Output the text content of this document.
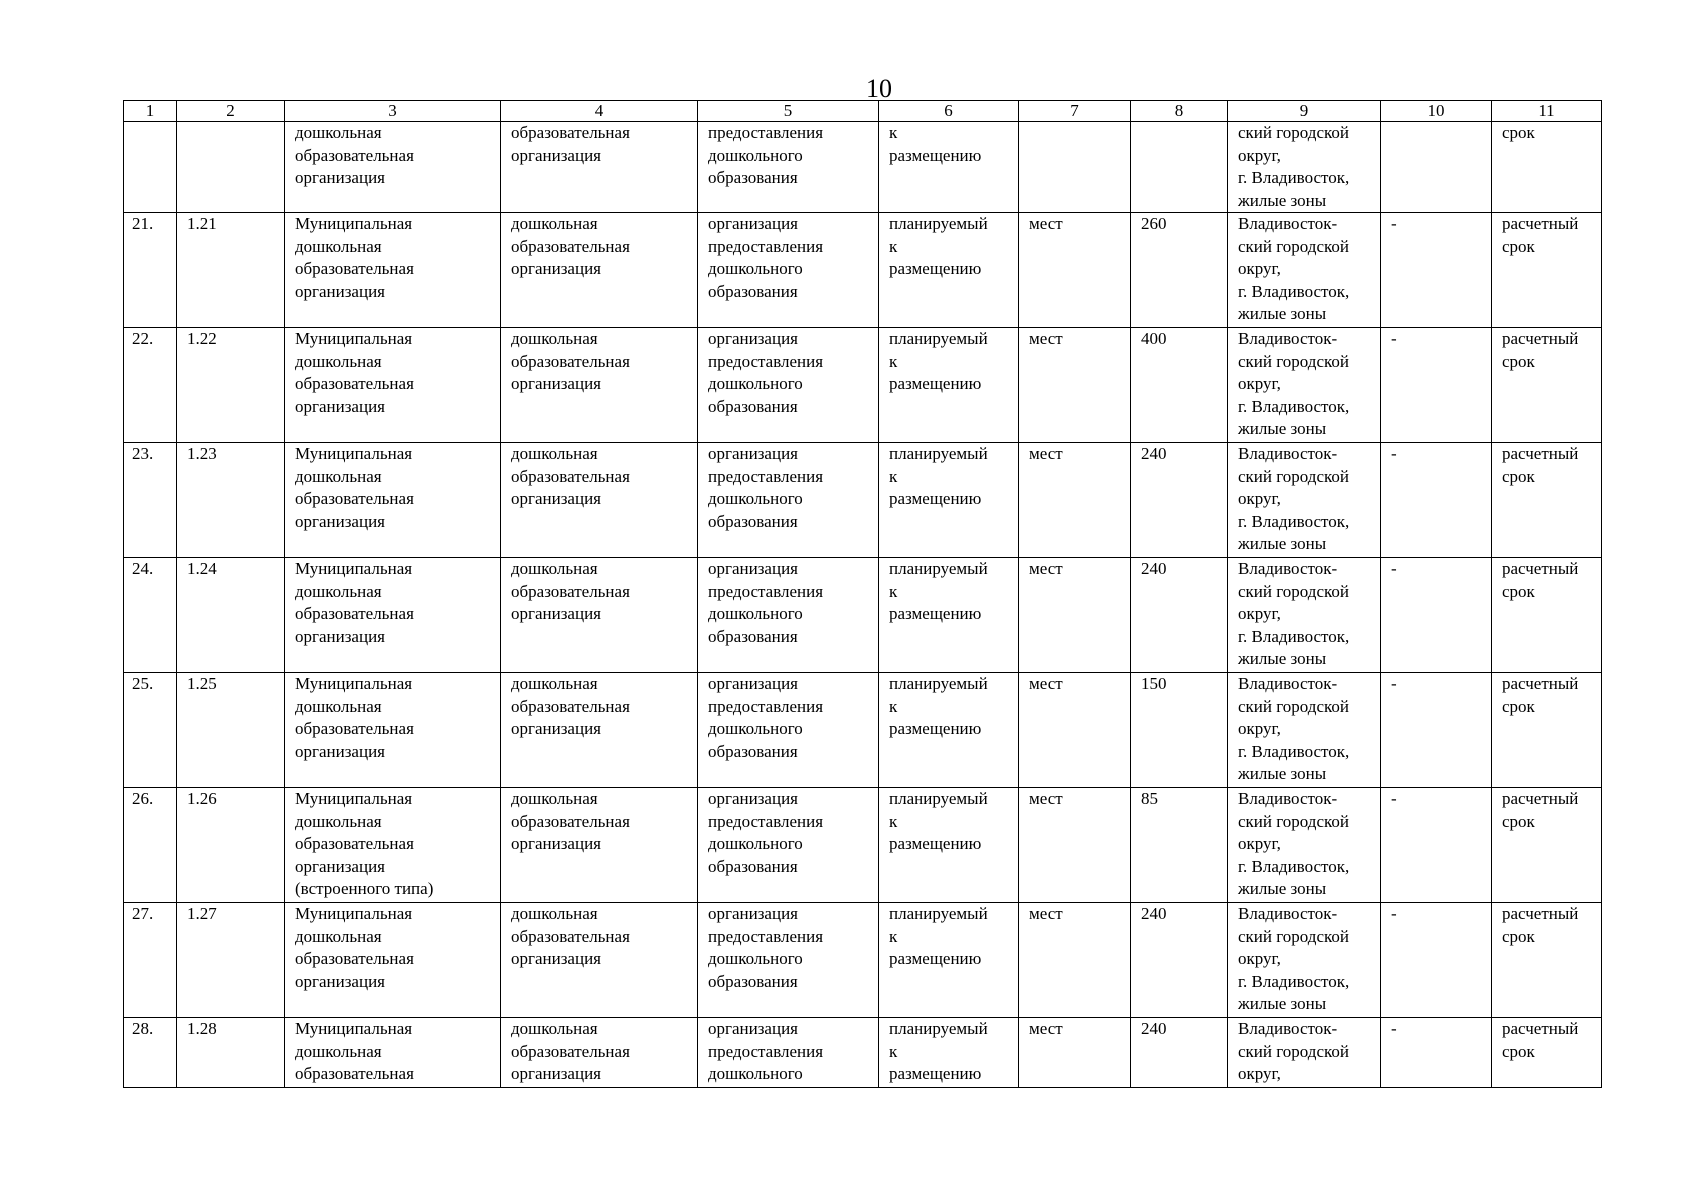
10
1	2	3	4	5	6	7	8	9	10	11
		дошкольная
образовательная
организация	образовательная
организация	предоставления
дошкольного
образования	к
размещению			ский городской
округ,
г. Владивосток,
жилые зоны		срок
21.	1.21	Муниципальная
дошкольная
образовательная
организация	дошкольная
образовательная
организация	организация
предоставления
дошкольного
образования	планируемый
к
размещению	мест	260	Владивосток-
ский городской
округ,
г. Владивосток,
жилые зоны	-	расчетный
срок
22.	1.22	Муниципальная
дошкольная
образовательная
организация	дошкольная
образовательная
организация	организация
предоставления
дошкольного
образования	планируемый
к
размещению	мест	400	Владивосток-
ский городской
округ,
г. Владивосток,
жилые зоны	-	расчетный
срок
23.	1.23	Муниципальная
дошкольная
образовательная
организация	дошкольная
образовательная
организация	организация
предоставления
дошкольного
образования	планируемый
к
размещению	мест	240	Владивосток-
ский городской
округ,
г. Владивосток,
жилые зоны	-	расчетный
срок
24.	1.24	Муниципальная
дошкольная
образовательная
организация	дошкольная
образовательная
организация	организация
предоставления
дошкольного
образования	планируемый
к
размещению	мест	240	Владивосток-
ский городской
округ,
г. Владивосток,
жилые зоны	-	расчетный
срок
25.	1.25	Муниципальная
дошкольная
образовательная
организация	дошкольная
образовательная
организация	организация
предоставления
дошкольного
образования	планируемый
к
размещению	мест	150	Владивосток-
ский городской
округ,
г. Владивосток,
жилые зоны	-	расчетный
срок
26.	1.26	Муниципальная
дошкольная
образовательная
организация
(встроенного типа)	дошкольная
образовательная
организация	организация
предоставления
дошкольного
образования	планируемый
к
размещению	мест	85	Владивосток-
ский городской
округ,
г. Владивосток,
жилые зоны	-	расчетный
срок
27.	1.27	Муниципальная
дошкольная
образовательная
организация	дошкольная
образовательная
организация	организация
предоставления
дошкольного
образования	планируемый
к
размещению	мест	240	Владивосток-
ский городской
округ,
г. Владивосток,
жилые зоны	-	расчетный
срок
28.	1.28	Муниципальная
дошкольная
образовательная	дошкольная
образовательная
организация	организация
предоставления
дошкольного	планируемый
к
размещению	мест	240	Владивосток-
ский городской
округ,	-	расчетный
срок
